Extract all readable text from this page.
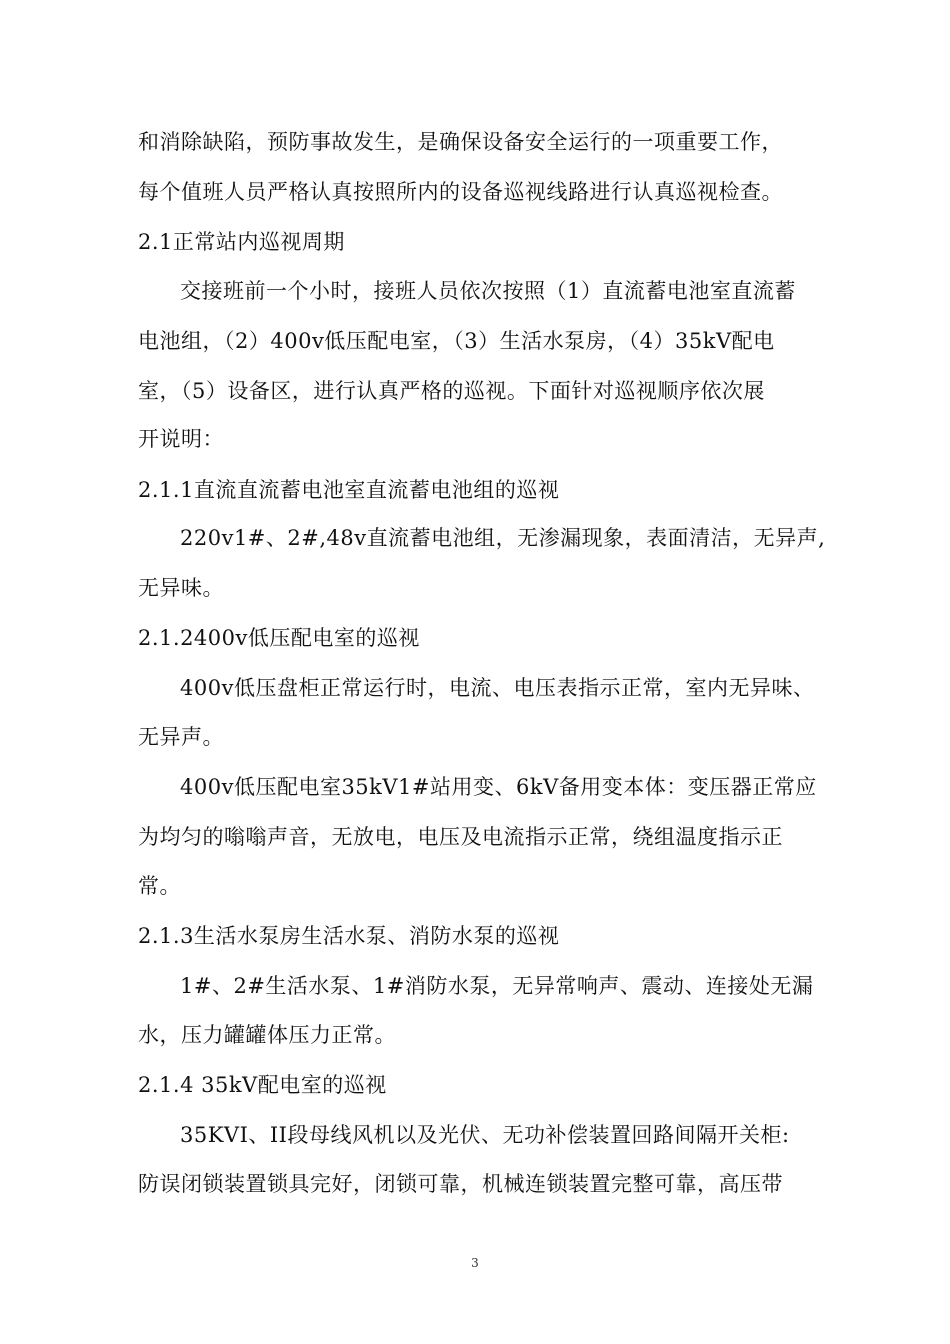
和消除缺陷，预防事故发生，是确保设备安全运行的一项重要工作，
每个值班人员严格认真按照所内的设备巡视线路进行认真巡视检查。
2.1正常站内巡视周期
交接班前一个小时，接班人员依次按照（1）直流蓄电池室直流蓄
电池组，（2）400v低压配电室，（3）生活水泵房，（4）35kV配电
室，（5）设备区，进行认真严格的巡视。下面针对巡视顺序依次展
开说明：
2.1.1直流直流蓄电池室直流蓄电池组的巡视
220v1#、2#,48v直流蓄电池组，无渗漏现象，表面清洁，无异声,
无异味。
2.1.2400v低压配电室的巡视
400v低压盘柜正常运行时，电流、电压表指示正常，室内无异味、
无异声。
400v低压配电室35kV1#站用变、6kV备用变本体：变压器正常应
为均匀的嗡嗡声音，无放电，电压及电流指示正常，绕组温度指示正
常。
2.1.3生活水泵房生活水泵、消防水泵的巡视
1#、2#生活水泵、1#消防水泵，无异常响声、震动、连接处无漏
水，压力罐罐体压力正常。
2.1.4 35kV配电室的巡视
35KVI、II段母线风机以及光伏、无功补偿装置回路间隔开关柜:
防误闭锁装置锁具完好，闭锁可靠，机械连锁装置完整可靠，高压带
3
